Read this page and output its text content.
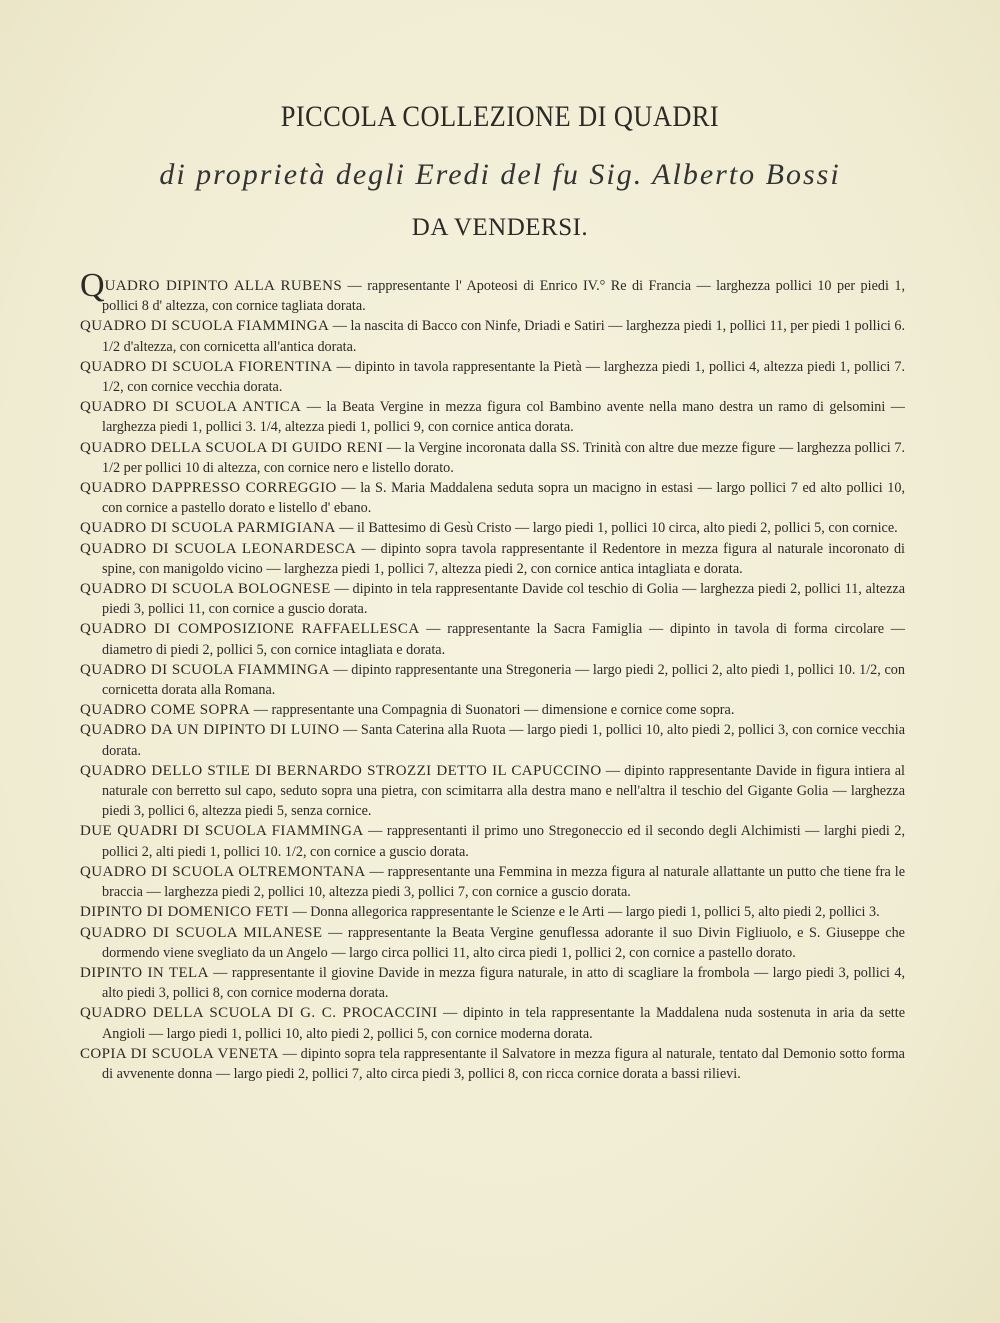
PICCOLA COLLEZIONE DI QUADRI
di proprietà degli Eredi del fu Sig. Alberto Bossi
DA VENDERSI.

QUADRO DIPINTO ALLA RUBENS — rappresentante l' Apoteosi di Enrico IV.° Re di Francia — larghezza pollici 10 per piedi 1, pollici 8 d' altezza, con cornice tagliata dorata.

QUADRO DI SCUOLA FIAMMINGA — la nascita di Bacco con Ninfe, Driadi e Satiri — larghezza piedi 1, pollici 11, per piedi 1 pollici 6. 1/2 d'altezza, con cornicetta all'antica dorata.

QUADRO DI SCUOLA FIORENTINA — dipinto in tavola rappresentante la Pietà — larghezza piedi 1, pollici 4, altezza piedi 1, pollici 7. 1/2, con cornice vecchia dorata.

QUADRO DI SCUOLA ANTICA — la Beata Vergine in mezza figura col Bambino avente nella mano destra un ramo di gelsomini — larghezza piedi 1, pollici 3. 1/4, altezza piedi 1, pollici 9, con cornice antica dorata.

QUADRO DELLA SCUOLA DI GUIDO RENI — la Vergine incoronata dalla SS. Trinità con altre due mezze figure — larghezza pollici 7. 1/2 per pollici 10 di altezza, con cornice nero e listello dorato.

QUADRO DAPPRESSO CORREGGIO — la S. Maria Maddalena seduta sopra un macigno in estasi — largo pollici 7 ed alto pollici 10, con cornice a pastello dorato e listello d' ebano.

QUADRO DI SCUOLA PARMIGIANA — il Battesimo di Gesù Cristo — largo piedi 1, pollici 10 circa, alto piedi 2, pollici 5, con cornice.

QUADRO DI SCUOLA LEONARDESCA — dipinto sopra tavola rappresentante il Redentore in mezza figura al naturale incoronato di spine, con manigoldo vicino — larghezza piedi 1, pollici 7, altezza piedi 2, con cornice antica intagliata e dorata.

QUADRO DI SCUOLA BOLOGNESE — dipinto in tela rappresentante Davide col teschio di Golia — larghezza piedi 2, pollici 11, altezza piedi 3, pollici 11, con cornice a guscio dorata.

QUADRO DI COMPOSIZIONE RAFFAELLESCA — rappresentante la Sacra Famiglia — dipinto in tavola di forma circolare — diametro di piedi 2, pollici 5, con cornice intagliata e dorata.

QUADRO DI SCUOLA FIAMMINGA — dipinto rappresentante una Stregoneria — largo piedi 2, pollici 2, alto piedi 1, pollici 10. 1/2, con cornicetta dorata alla Romana.

QUADRO COME SOPRA — rappresentante una Compagnia di Suonatori — dimensione e cornice come sopra.

QUADRO DA UN DIPINTO DI LUINO — Santa Caterina alla Ruota — largo piedi 1, pollici 10, alto piedi 2, pollici 3, con cornice vecchia dorata.

QUADRO DELLO STILE DI BERNARDO STROZZI DETTO IL CAPUCCINO — dipinto rappresentante Davide in figura intiera al naturale con berretto sul capo, seduto sopra una pietra, con scimitarra alla destra mano e nell'altra il teschio del Gigante Golia — larghezza piedi 3, pollici 6, altezza piedi 5, senza cornice.

DUE QUADRI DI SCUOLA FIAMMINGA — rappresentanti il primo uno Stregoneccio ed il secondo degli Alchimisti — larghi piedi 2, pollici 2, alti piedi 1, pollici 10. 1/2, con cornice a guscio dorata.

QUADRO DI SCUOLA OLTREMONTANA — rappresentante una Femmina in mezza figura al naturale allattante un putto che tiene fra le braccia — larghezza piedi 2, pollici 10, altezza piedi 3, pollici 7, con cornice a guscio dorata.

DIPINTO DI DOMENICO FETI — Donna allegorica rappresentante le Scienze e le Arti — largo piedi 1, pollici 5, alto piedi 2, pollici 3.

QUADRO DI SCUOLA MILANESE — rappresentante la Beata Vergine genuflessa adorante il suo Divin Figliuolo, e S. Giuseppe che dormendo viene svegliato da un Angelo — largo circa pollici 11, alto circa piedi 1, pollici 2, con cornice a pastello dorato.

DIPINTO IN TELA — rappresentante il giovine Davide in mezza figura naturale, in atto di scagliare la frombola — largo piedi 3, pollici 4, alto piedi 3, pollici 8, con cornice moderna dorata.

QUADRO DELLA SCUOLA DI G. C. PROCACCINI — dipinto in tela rappresentante la Maddalena nuda sostenuta in aria da sette Angioli — largo piedi 1, pollici 10, alto piedi 2, pollici 5, con cornice moderna dorata.

COPIA DI SCUOLA VENETA — dipinto sopra tela rappresentante il Salvatore in mezza figura al naturale, tentato dal Demonio sotto forma di avvenente donna — largo piedi 2, pollici 7, alto circa piedi 3, pollici 8, con ricca cornice dorata a bassi rilievi.
